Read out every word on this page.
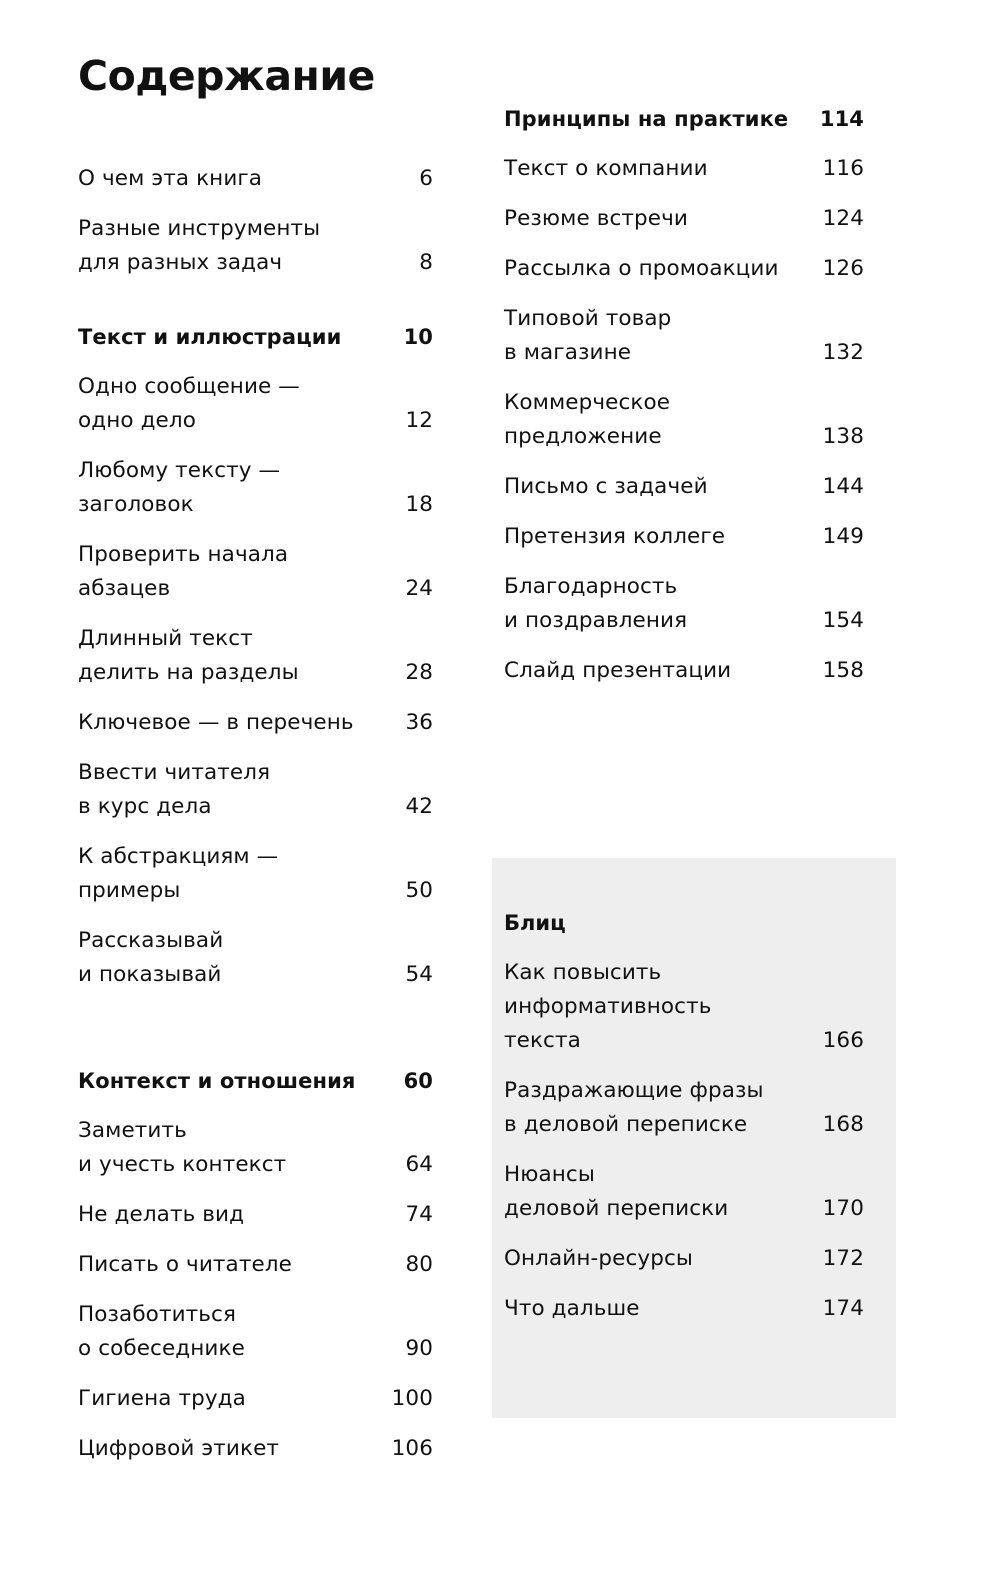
Содержание
О чем эта книга	6
Разные инструменты
для разных задач	8
Текст и иллюстрации	10
Одно сообщение —
одно дело	12
Любому тексту —
заголовок	18
Проверить начала абзацев	24
Длинный текст
делить на разделы	28
Ключевое — в перечень 36
Ввести читателя
в курс дела	42
К абстракциям —
примеры	50
Рассказывай
и показывай	54
Контекст и отношения 60
Заметить
и учесть контекст	64
Не делать вид	74
Писать о читателе	80
Позаботиться
о собеседнике	90
Гигиена труда	100
Цифровой этикет	106
Принципы на практике 114
Текст о компании	116
Резюме встречи	124
Рассылка о промоакции 126
Типовой товар
в магазине	132
Коммерческое
предложение	138
Письмо с задачей	144
Претензия коллеге	149
Благодарность
и поздравления	154
Слайд презентации	158
Блиц
Как повысить
информативность
текста	166
Раздражающие фразы
в деловой переписке	168
Нюансы
деловой переписки	170
Онлайн-ресурсы	172
Что дальше	174
